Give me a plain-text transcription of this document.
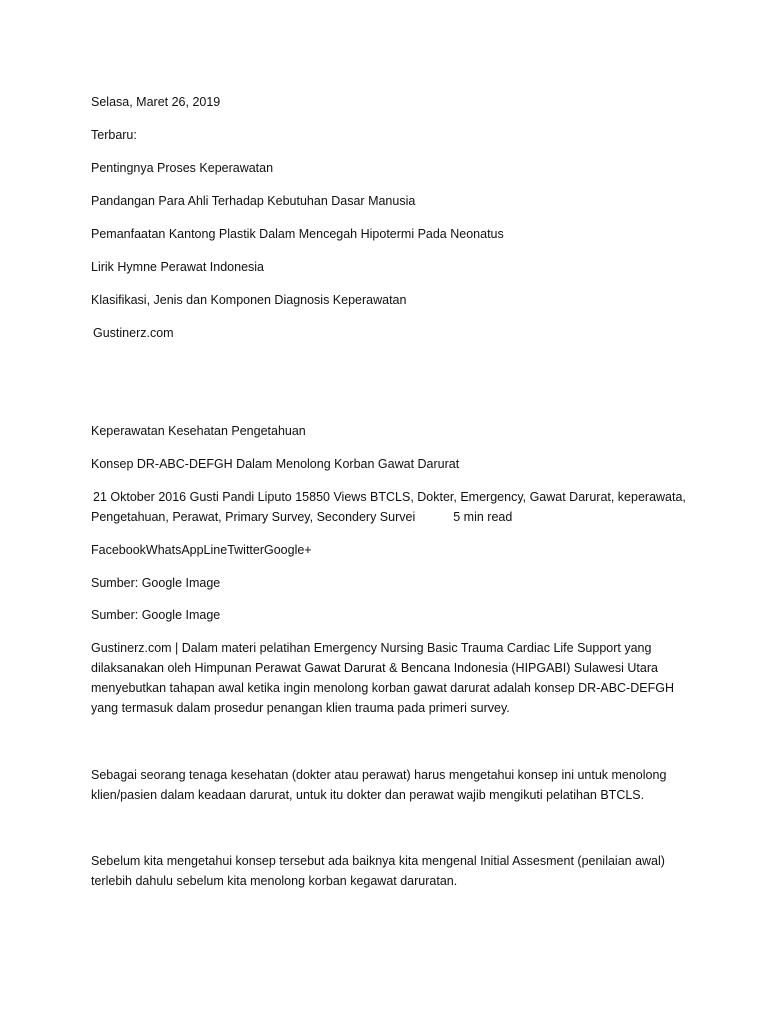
Selasa, Maret 26, 2019
Terbaru:
Pentingnya Proses Keperawatan
Pandangan Para Ahli Terhadap Kebutuhan Dasar Manusia
Pemanfaatan Kantong Plastik Dalam Mencegah Hipotermi Pada Neonatus
Lirik Hymne Perawat Indonesia
Klasifikasi, Jenis dan Komponen Diagnosis Keperawatan
Gustinerz.com
Keperawatan Kesehatan Pengetahuan
Konsep DR-ABC-DEFGH Dalam Menolong Korban Gawat Darurat
21 Oktober 2016 Gusti Pandi Liputo 15850 Views BTCLS, Dokter, Emergency, Gawat Darurat, keperawata,
Pengetahuan, Perawat, Primary Survey, Secondery Survei	5 min read
FacebookWhatsAppLineTwitterGoogle+
Sumber: Google Image
Sumber: Google Image
Gustinerz.com | Dalam materi pelatihan Emergency Nursing Basic Trauma Cardiac Life Support yang
dilaksanakan oleh Himpunan Perawat Gawat Darurat & Bencana Indonesia (HIPGABI) Sulawesi Utara
menyebutkan tahapan awal ketika ingin menolong korban gawat darurat adalah konsep DR-ABC-DEFGH
yang termasuk dalam prosedur penangan klien trauma pada primeri survey.
Sebagai seorang tenaga kesehatan (dokter atau perawat) harus mengetahui konsep ini untuk menolong
klien/pasien dalam keadaan darurat, untuk itu dokter dan perawat wajib mengikuti pelatihan BTCLS.
Sebelum kita mengetahui konsep tersebut ada baiknya kita mengenal Initial Assesment (penilaian awal)
terlebih dahulu sebelum kita menolong korban kegawat daruratan.
